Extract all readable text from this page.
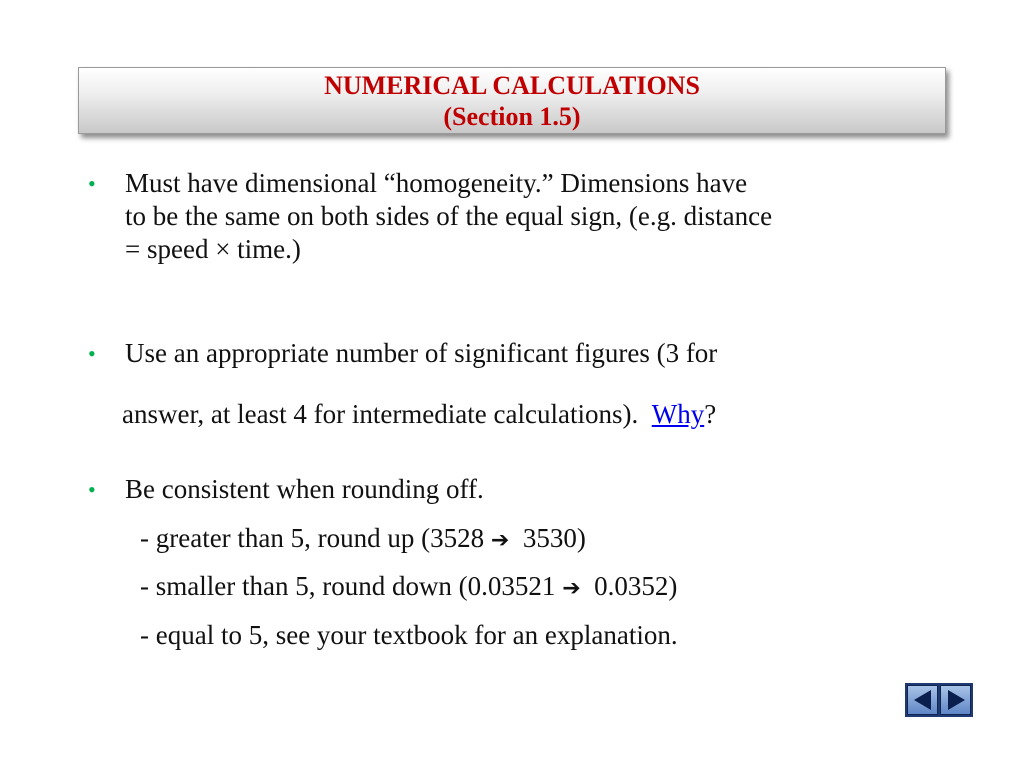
NUMERICAL CALCULATIONS
(Section 1.5)
• Must have dimensional “homogeneity.” Dimensions have
to be the same on both sides of the equal sign, (e.g. distance
= speed × time.)
• Use an appropriate number of significant figures (3 for
answer, at least 4 for intermediate calculations). Why?
• Be consistent when rounding off.
- greater than 5, round up (3528 ➔ 3530)
- smaller than 5, round down (0.03521 ➔ 0.0352)
- equal to 5, see your textbook for an explanation.
